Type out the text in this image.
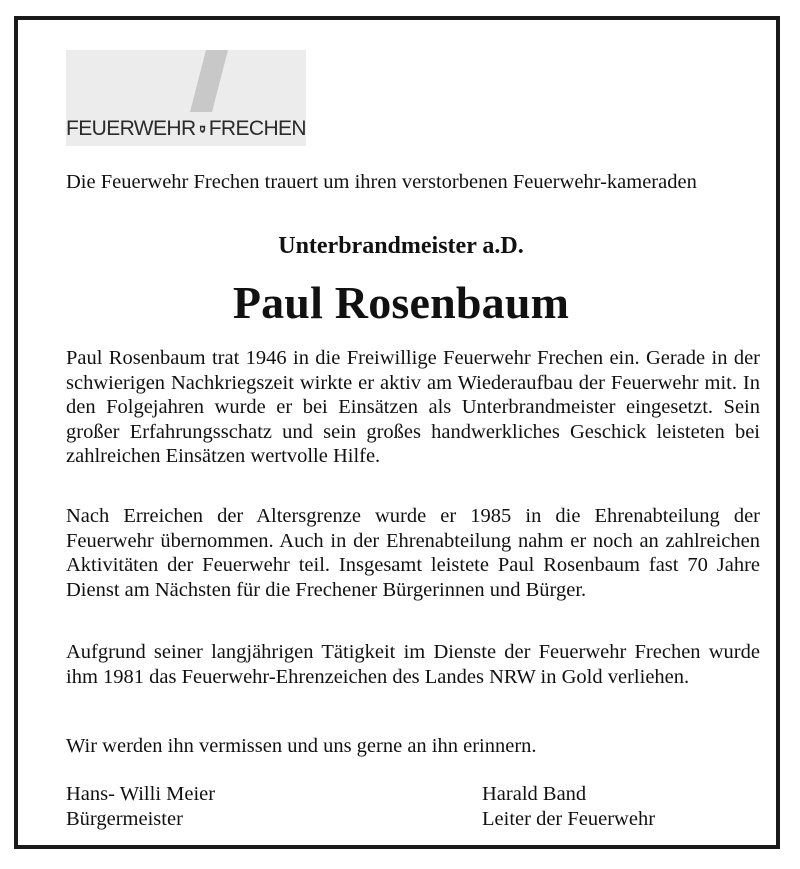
FEUERWEHR FRECHEN

Die Feuerwehr Frechen trauert um ihren verstorbenen Feuerwehr-kameraden

Unterbrandmeister a.D.
Paul Rosenbaum

Paul Rosenbaum trat 1946 in die Freiwillige Feuerwehr Frechen ein. Gerade in der schwierigen Nachkriegszeit wirkte er aktiv am Wiederaufbau der Feuerwehr mit. In den Folgejahren wurde er bei Einsätzen als Unterbrandmeister eingesetzt. Sein großer Erfahrungsschatz und sein großes handwerkliches Geschick leisteten bei zahlreichen Einsätzen wertvolle Hilfe.

Nach Erreichen der Altersgrenze wurde er 1985 in die Ehrenabteilung der Feuerwehr übernommen. Auch in der Ehrenabteilung nahm er noch an zahlreichen Aktivitäten der Feuerwehr teil. Insgesamt leistete Paul Rosenbaum fast 70 Jahre Dienst am Nächsten für die Frechener Bürgerinnen und Bürger.

Aufgrund seiner langjährigen Tätigkeit im Dienste der Feuerwehr Frechen wurde ihm 1981 das Feuerwehr-Ehrenzeichen des Landes NRW in Gold verliehen.

Wir werden ihn vermissen und uns gerne an ihn erinnern.

Hans- Willi Meier
Bürgermeister
Harald Band
Leiter der Feuerwehr
